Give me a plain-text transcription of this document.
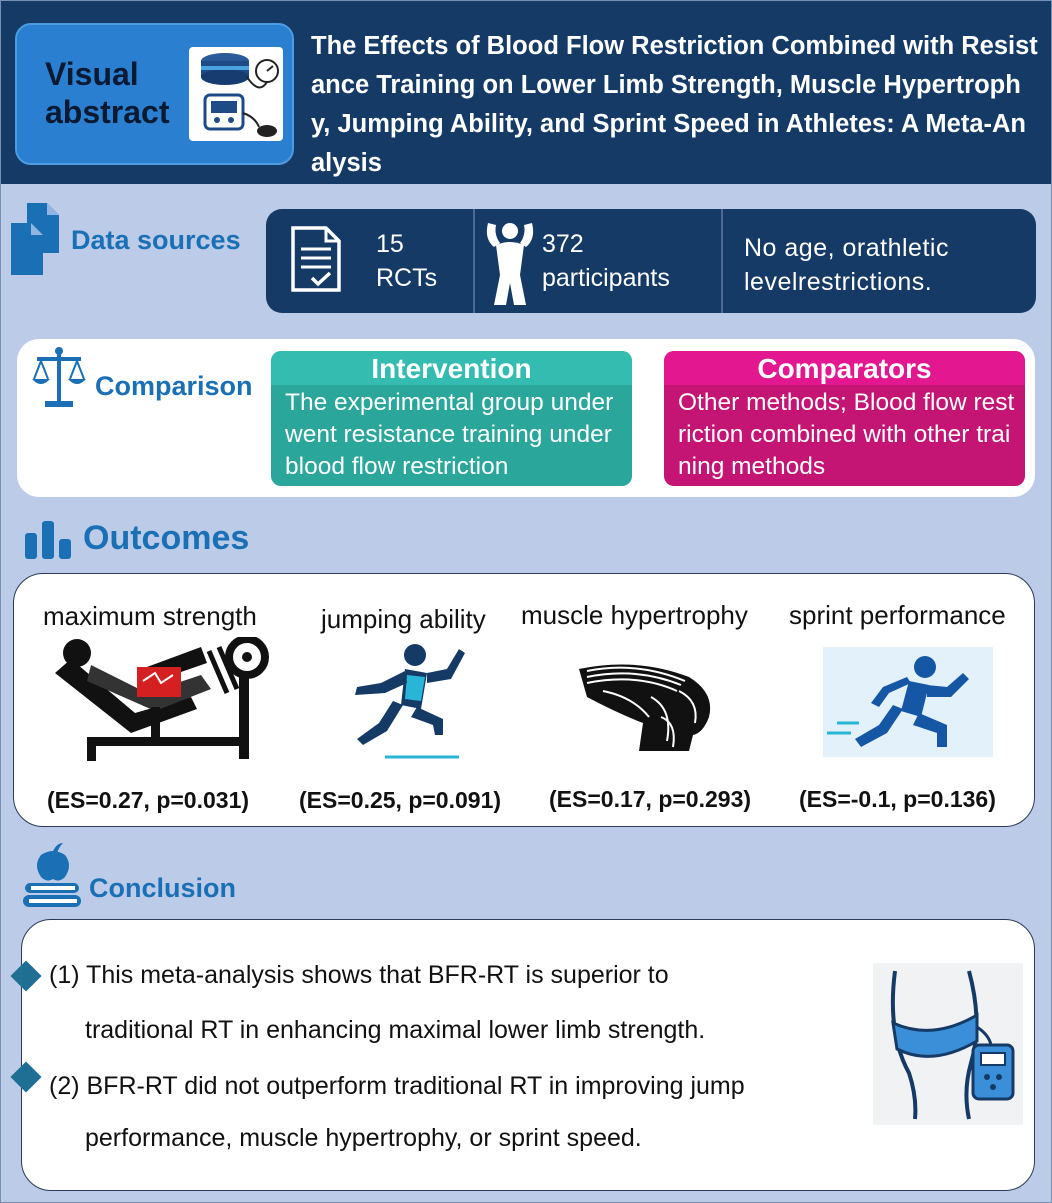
Visual
abstract
The Effects of Blood Flow Restriction Combined with Resistance Training on Lower Limb Strength, Muscle Hypertrophy, Jumping Ability, and Sprint Speed in Athletes: A Meta-Analysis
Data sources	15
RCTs
372
participants
No age, orathletic
levelrestrictions.
Comparison
Intervention
The experimental group underwent resistance training under blood flow restriction
Comparators
Other methods; Blood flow restriction combined with other training methods
Outcomes
maximum strength jumping ability muscle hypertrophy sprint performance
(ES=0.27, p=0.031) (ES=0.25, p=0.091) (ES=0.17, p=0.293) (ES=-0.1, p=0.136)
Conclusion
(1) This meta-analysis shows that BFR-RT is superior to
traditional RT in enhancing maximal lower limb strength.
(2) BFR-RT did not outperform traditional RT in improving jump
performance, muscle hypertrophy, or sprint speed.
